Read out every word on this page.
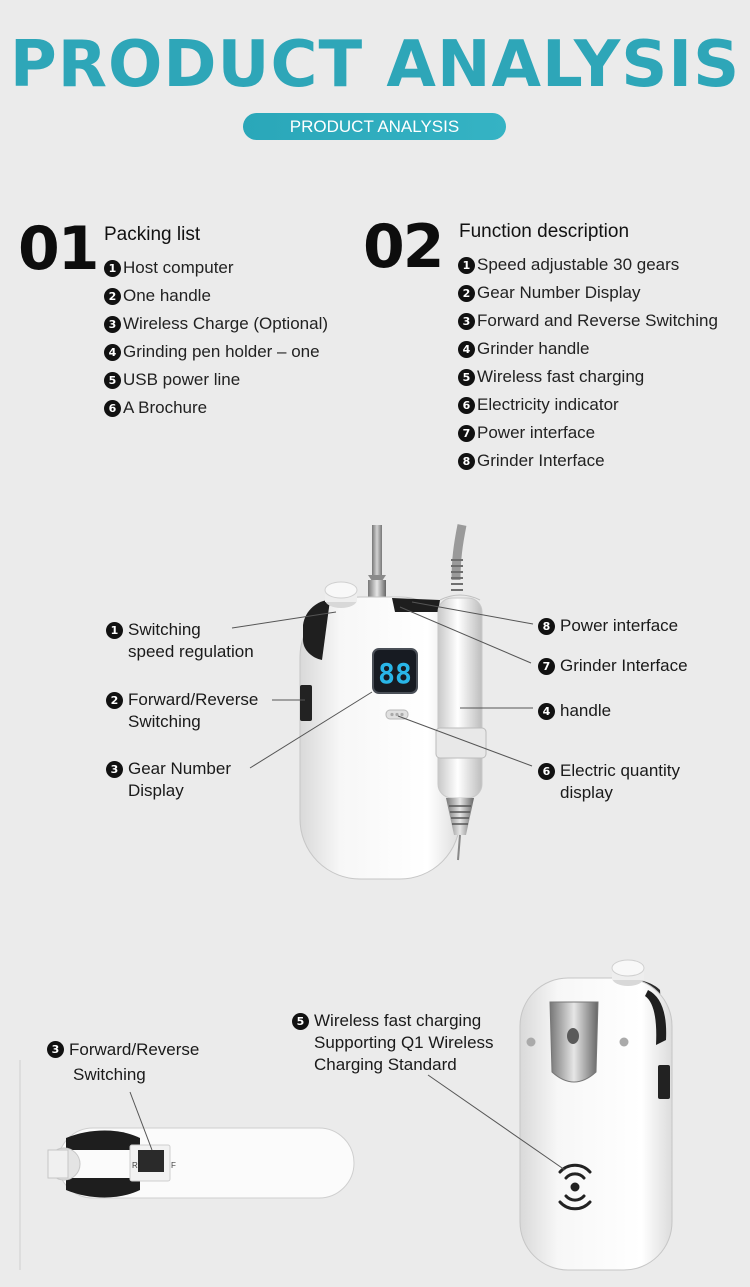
PRODUCT ANALYSIS
PRODUCT ANALYSIS
01 Packing list
1 Host computer
2 One handle
3 Wireless Charge (Optional)
4 Grinding pen holder – one
5 USB power line
6 A Brochure
02 Function description
1 Speed adjustable 30 gears
2 Gear Number Display
3 Forward and Reverse Switching
4 Grinder handle
5 Wireless fast charging
6 Electricity indicator
7 Power interface
8 Grinder Interface
88
R	F
1 Switching
speed regulation
2 Forward/Reverse
Switching
3 Gear Number
Display
8 Power interface
7 Grinder Interface
4 handle
6 Electric quantity
display
3 Forward/Reverse
Switching
5 Wireless fast charging
Supporting Q1 Wireless
Charging Standard
